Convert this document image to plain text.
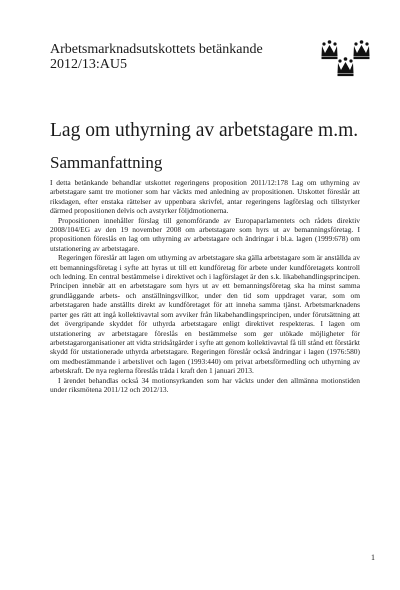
Arbetsmarknadsutskottets betänkande
2012/13:AU5
Lag om uthyrning av arbetstagare m.m.
Sammanfattning

I detta betänkande behandlar utskottet regeringens proposition 2011/12:178 Lag om uthyrning av arbetstagare samt tre motioner som har väckts med anledning av propositionen. Utskottet föreslår att riksdagen, efter enstaka rättelser av uppenbara skrivfel, antar regeringens lagförslag och tillstyrker därmed propositionen delvis och avstyrker följdmotionerna.

Propositionen innehåller förslag till genomförande av Europaparlamentets och rådets direktiv 2008/104/EG av den 19 november 2008 om arbetstagare som hyrs ut av bemanningsföretag. I propositionen föreslås en lag om uthyrning av arbetstagare och ändringar i bl.a. lagen (1999:678) om utstationering av arbetstagare.

Regeringen föreslår att lagen om uthyrning av arbetstagare ska gälla arbetstagare som är anställda av ett bemanningsföretag i syfte att hyras ut till ett kundföretag för arbete under kundföretagets kontroll och ledning. En central bestämmelse i direktivet och i lagförslaget är den s.k. likabehandlingsprincipen. Principen innebär att en arbetstagare som hyrs ut av ett bemanningsföretag ska ha minst samma grundläggande arbets- och anställningsvillkor, under den tid som uppdraget varar, som om arbetstagaren hade anställts direkt av kundföretaget för att inneha samma tjänst. Arbetsmarknadens parter ges rätt att ingå kollektivavtal som avviker från likabehandlingsprincipen, under förutsättning att det övergripande skyddet för uthyrda arbetstagare enligt direktivet respekteras. I lagen om utstationering av arbetstagare föreslås en bestämmelse som ger utökade möjligheter för arbetstagarorganisationer att vidta stridsåtgärder i syfte att genom kollektivavtal få till stånd ett förstärkt skydd för utstationerade uthyrda arbetstagare. Regeringen föreslår också ändringar i lagen (1976:580) om medbestämmande i arbetslivet och lagen (1993:440) om privat arbetsförmedling och uthyrning av arbetskraft. De nya reglerna föreslås träda i kraft den 1 januari 2013.

I ärendet behandlas också 34 motionsyrkanden som har väckts under den allmänna motionstiden under riksmötena 2011/12 och 2012/13.

1
